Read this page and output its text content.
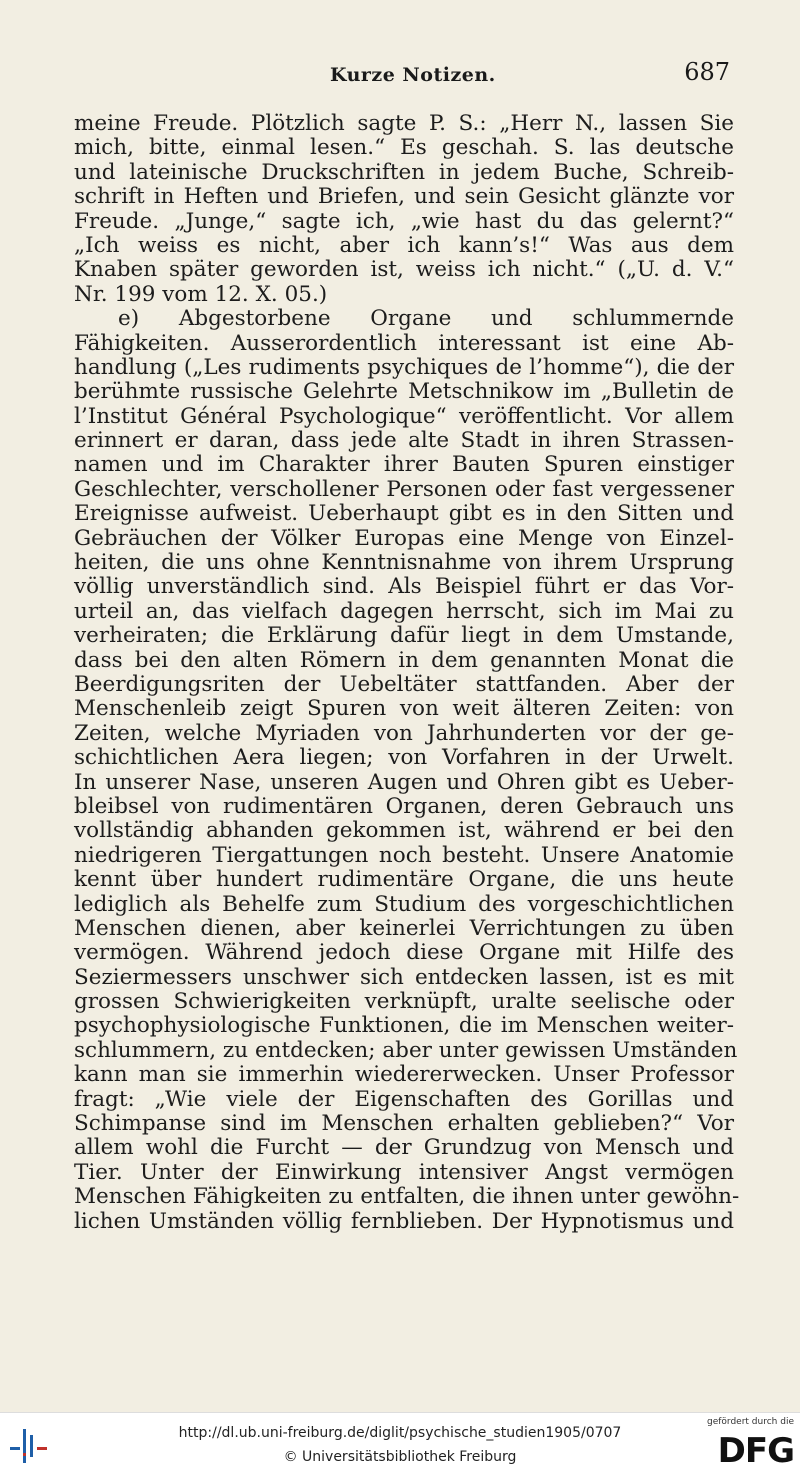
Kurze Notizen.	687
meine Freude. Plötzlich sagte P. S.: „Herr N., lassen Sie
mich, bitte, einmal lesen.“ Es geschah. S. las deutsche
und lateinische Druckschriften in jedem Buche, Schreib-
schrift in Heften und Briefen, und sein Gesicht glänzte vor
Freude. „Junge,“ sagte ich, „wie hast du das gelernt?“
„Ich weiss es nicht, aber ich kann’s!“ Was aus dem
Knaben später geworden ist, weiss ich nicht.“ („U. d. V.“
Nr. 199 vom 12. X. 05.)
e) Abgestorbene Organe und schlummernde
Fähigkeiten. Ausserordentlich interessant ist eine Ab-
handlung („Les rudiments psychiques de l’homme“), die der
berühmte russische Gelehrte Metschnikow im „Bulletin de
l’Institut Général Psychologique“ veröffentlicht. Vor allem
erinnert er daran, dass jede alte Stadt in ihren Strassen-
namen und im Charakter ihrer Bauten Spuren einstiger
Geschlechter, verschollener Personen oder fast vergessener
Ereignisse aufweist. Ueberhaupt gibt es in den Sitten und
Gebräuchen der Völker Europas eine Menge von Einzel-
heiten, die uns ohne Kenntnisnahme von ihrem Ursprung
völlig unverständlich sind. Als Beispiel führt er das Vor-
urteil an, das vielfach dagegen herrscht, sich im Mai zu
verheiraten; die Erklärung dafür liegt in dem Umstande,
dass bei den alten Römern in dem genannten Monat die
Beerdigungsriten der Uebeltäter stattfanden. Aber der
Menschenleib zeigt Spuren von weit älteren Zeiten: von
Zeiten, welche Myriaden von Jahrhunderten vor der ge-
schichtlichen Aera liegen; von Vorfahren in der Urwelt.
In unserer Nase, unseren Augen und Ohren gibt es Ueber-
bleibsel von rudimentären Organen, deren Gebrauch uns
vollständig abhanden gekommen ist, während er bei den
niedrigeren Tiergattungen noch besteht. Unsere Anatomie
kennt über hundert rudimentäre Organe, die uns heute
lediglich als Behelfe zum Studium des vorgeschichtlichen
Menschen dienen, aber keinerlei Verrichtungen zu üben
vermögen. Während jedoch diese Organe mit Hilfe des
Seziermessers unschwer sich entdecken lassen, ist es mit
grossen Schwierigkeiten verknüpft, uralte seelische oder
psychophysiologische Funktionen, die im Menschen weiter-
schlummern, zu entdecken; aber unter gewissen Umständen
kann man sie immerhin wiedererwecken. Unser Professor
fragt: „Wie viele der Eigenschaften des Gorillas und
Schimpanse sind im Menschen erhalten geblieben?“ Vor
allem wohl die Furcht — der Grundzug von Mensch und
Tier. Unter der Einwirkung intensiver Angst vermögen
Menschen Fähigkeiten zu entfalten, die ihnen unter gewöhn-
lichen Umständen völlig fernblieben. Der Hypnotismus und
http://dl.ub.uni-freiburg.de/diglit/psychische_studien1905/0707
© Universitätsbibliothek Freiburg
gefördert durch die
DFG
